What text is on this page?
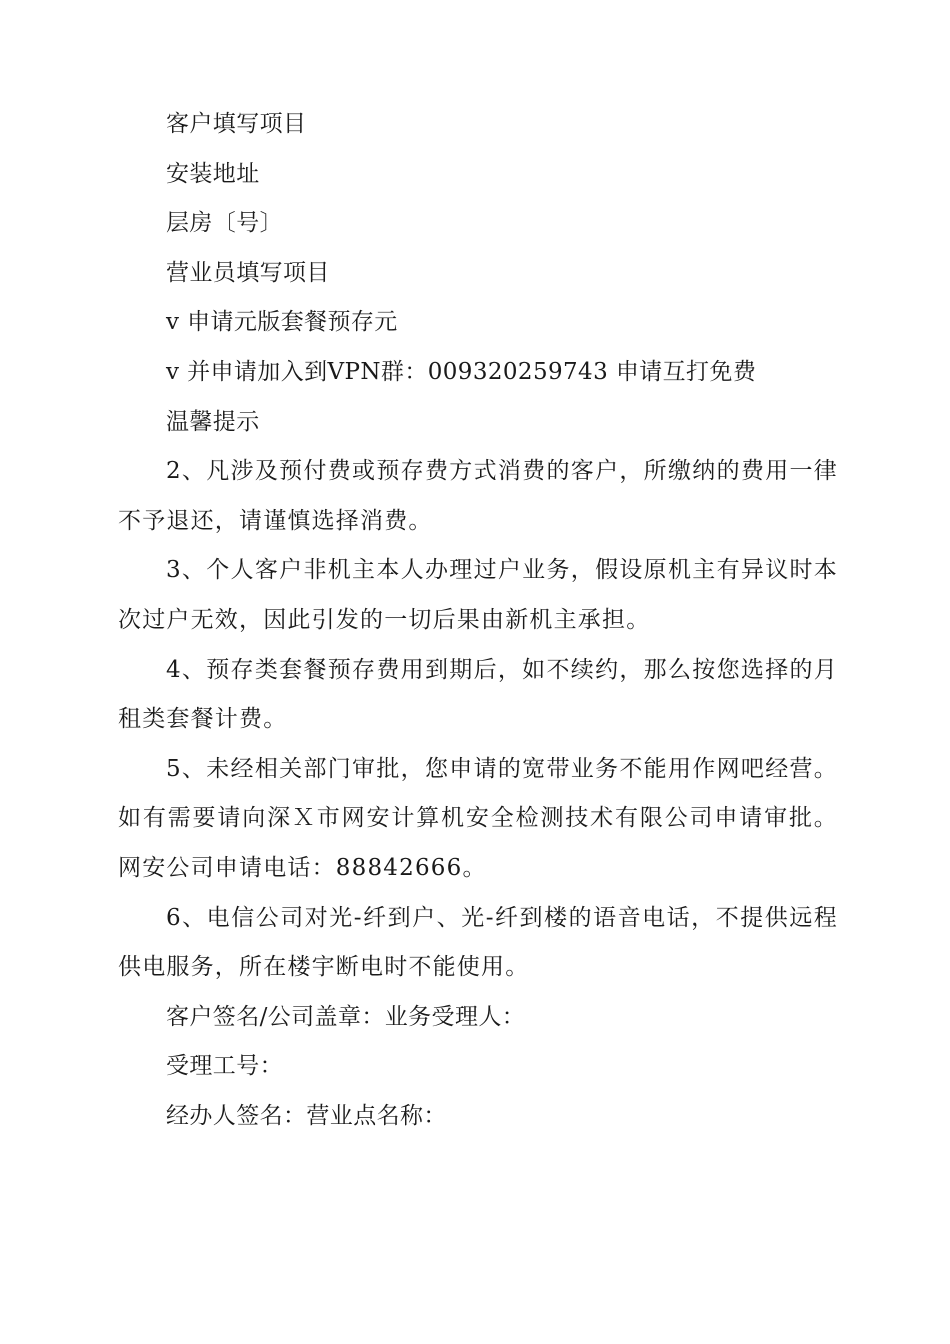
客户填写项目

安装地址

层房〔号〕

营业员填写项目

v 申请元版套餐预存元

v 并申请加入到VPN群：009320259743 申请互打免费

温馨提示

2、凡涉及预付费或预存费方式消费的客户，所缴纳的费用一律不予退还，请谨慎选择消费。

3、个人客户非机主本人办理过户业务，假设原机主有异议时本次过户无效，因此引发的一切后果由新机主承担。

4、预存类套餐预存费用到期后，如不续约，那么按您选择的月租类套餐计费。

5、未经相关部门审批，您申请的宽带业务不能用作网吧经营。如有需要请向深Ｘ市网安计算机安全检测技术有限公司申请审批。网安公司申请电话：88842666。

6、电信公司对光-纤到户、光-纤到楼的语音电话，不提供远程供电服务，所在楼宇断电时不能使用。

客户签名/公司盖章：业务受理人：

受理工号：

经办人签名：营业点名称：
